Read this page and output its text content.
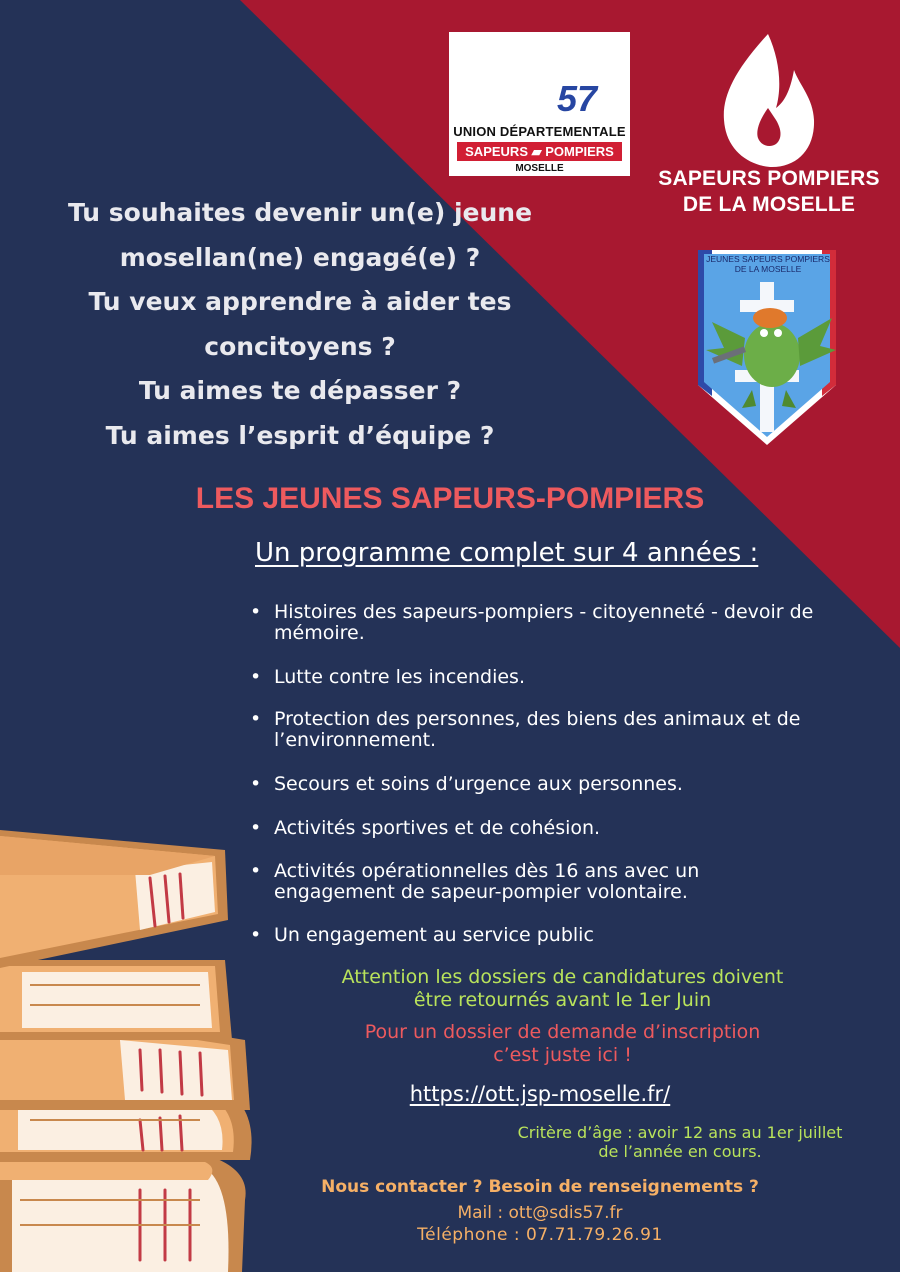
57
UNION DÉPARTEMENTALE
SAPEURS ▰ POMPIERS
MOSELLE
JEUNES SAPEURS POMPIERS
DE LA MOSELLE
SAPEURS POMPIERS
DE LA MOSELLE
Tu souhaites devenir un(e) jeune
mosellan(ne) engagé(e) ?
Tu veux apprendre à aider tes
concitoyens ?
Tu aimes te dépasser ?
Tu aimes l’esprit d’équipe ?
LES JEUNES SAPEURS-POMPIERS
Un programme complet sur 4 années :
• Histoires des sapeurs-pompiers - citoyenneté - devoir de mémoire.
• Lutte contre les incendies.
• Protection des personnes, des biens des animaux et de l’environnement.
• Secours et soins d’urgence aux personnes.
• Activités sportives et de cohésion.
• Activités opérationnelles dès 16 ans avec un engagement de sapeur-pompier volontaire.
• Un engagement au service public
Attention les dossiers de candidatures doivent
être retournés avant le 1er Juin
Pour un dossier de demande d’inscription
c’est juste ici !
https://ott.jsp-moselle.fr/
Critère d’âge : avoir 12 ans au 1er juillet
de l’année en cours.
Nous contacter ? Besoin de renseignements ?
Mail : ott@sdis57.fr
Téléphone : 07.71.79.26.91
